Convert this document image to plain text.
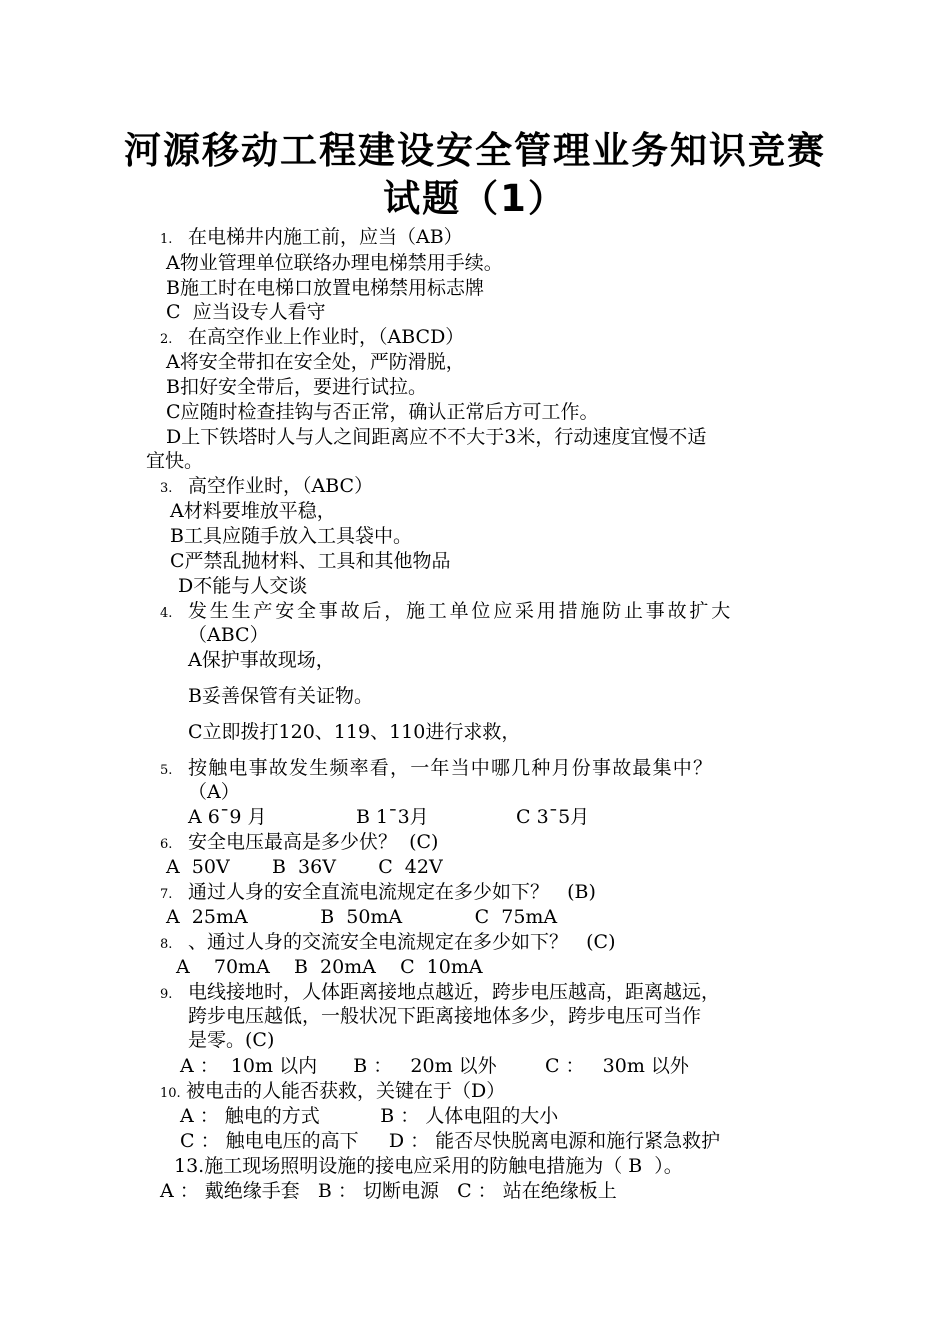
河源移动工程建设安全管理业务知识竞赛
试题（1）
1. 在电梯井内施工前，应当（AB）
A物业管理单位联络办理电梯禁用手续。
B施工时在电梯口放置电梯禁用标志牌
C  应当设专人看守
2. 在高空作业上作业时，（ABCD）
A将安全带扣在安全处，严防滑脱，
B扣好安全带后，要进行试拉。
C应随时检查挂钩与否正常，确认正常后方可工作。
D上下铁塔时人与人之间距离应不不大于3米，行动速度宜慢不适
宜快。
3. 高空作业时，（ABC）
A材料要堆放平稳，
B工具应随手放入工具袋中。
C严禁乱抛材料、工具和其他物品
D不能与人交谈
4. 发生生产安全事故后，施工单位应采用措施防止事故扩大
（ABC）
A保护事故现场，
B妥善保管有关证物。
C立即拨打120、119、110进行求救，
5. 按触电事故发生频率看，一年当中哪几种月份事故最集中？
（A）
A 6¯9 月	B 1¯3月	C 3¯5月
6. 安全电压最高是多少伏？  (C)
A  50V       B  36V       C  42V
7. 通过人身的安全直流电流规定在多少如下？   (B)
A  25mA            B  50mA            C  75mA
8. 、通过人身的交流安全电流规定在多少如下？   (C)
A    70mA    B  20mA    C  10mA
9. 电线接地时，人体距离接地点越近，跨步电压越高，距离越远，
跨步电压越低，一般状况下距离接地体多少，跨步电压可当作
是零。(C)
A ：  10m 以内      B ：   20m 以外        C ：   30m 以外
10. 被电击的人能否获救，关键在于（D）
A ： 触电的方式          B ： 人体电阻的大小
C ： 触电电压的高下     D ： 能否尽快脱离电源和施行紧急救护
13.施工现场照明设施的接电应采用的防触电措施为（ B  ）。
A ： 戴绝缘手套   B ： 切断电源   C ： 站在绝缘板上
